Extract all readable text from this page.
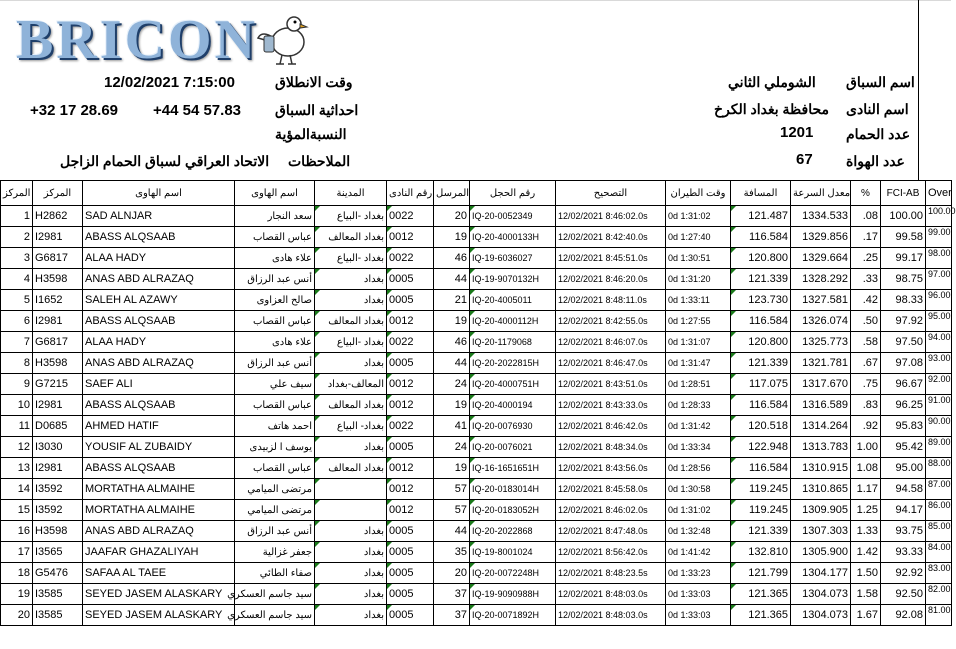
BRICON
وقت الانطلاق
12/02/2021 7:15:00
احداثية السباق
+44 54 57.83
+32 17 28.69
النسبةالمؤية
الملاحظات
الاتحاد العراقي لسباق الحمام الزاجل
اسم السباق
الشوملي الثاني
اسم النادى
محافظة بغداد الكرخ
عدد الحمام
1201
عدد الهواة
67
المركز	المركز	اسم الهاوى	اسم الهاوى	المدينة	رقم النادى	المرسل	رقم الحجل	التصحيح	وقت الطيران	المسافة	معدل السرعة	%	FCI-AB	Over
1	H2862	SAD ALNJAR	سعد النجار	بغداد -البياع	0022	20	IQ-20-0052349	12/02/2021 8:46:02.0s	0d 1:31:02	121.487	1334.533	.08	100.00	100.00
2	I2981	ABASS ALQSAAB	عباس القصاب	بغداد المعالف	0012	19	IQ-20-4000133H	12/02/2021 8:42:40.0s	0d 1:27:40	116.584	1329.856	.17	99.58	99.00
3	G6817	ALAA HADY	علاء هادى	بغداد -البياع	0022	46	IQ-19-6036027	12/02/2021 8:45:51.0s	0d 1:30:51	120.800	1329.664	.25	99.17	98.00
4	H3598	ANAS ABD ALRAZAQ	أنس عبد الرزاق	بغداد	0005	44	IQ-19-9070132H	12/02/2021 8:46:20.0s	0d 1:31:20	121.339	1328.292	.33	98.75	97.00
5	I1652	SALEH AL AZAWY	صالح العزاوى	بغداد	0005	21	IQ-20-4005011	12/02/2021 8:48:11.0s	0d 1:33:11	123.730	1327.581	.42	98.33	96.00
6	I2981	ABASS ALQSAAB	عباس القصاب	بغداد المعالف	0012	19	IQ-20-4000112H	12/02/2021 8:42:55.0s	0d 1:27:55	116.584	1326.074	.50	97.92	95.00
7	G6817	ALAA HADY	علاء هادى	بغداد -البياع	0022	46	IQ-20-1179068	12/02/2021 8:46:07.0s	0d 1:31:07	120.800	1325.773	.58	97.50	94.00
8	H3598	ANAS ABD ALRAZAQ	أنس عبد الرزاق	بغداد	0005	44	IQ-20-2022815H	12/02/2021 8:46:47.0s	0d 1:31:47	121.339	1321.781	.67	97.08	93.00
9	G7215	SAEF ALI	سيف علي	المعالف-بغداد	0012	24	IQ-20-4000751H	12/02/2021 8:43:51.0s	0d 1:28:51	117.075	1317.670	.75	96.67	92.00
10	I2981	ABASS ALQSAAB	عباس القصاب	بغداد المعالف	0012	19	IQ-20-4000194	12/02/2021 8:43:33.0s	0d 1:28:33	116.584	1316.589	.83	96.25	91.00
11	D0685	AHMED HATIF	احمد هاتف	بغداد- البياع	0022	41	IQ-20-0076930	12/02/2021 8:46:42.0s	0d 1:31:42	120.518	1314.264	.92	95.83	90.00
12	I3030	YOUSIF AL ZUBAIDY	يوسف ا لزبيدى	بغداد	0005	24	IQ-20-0076021	12/02/2021 8:48:34.0s	0d 1:33:34	122.948	1313.783	1.00	95.42	89.00
13	I2981	ABASS ALQSAAB	عباس القصاب	بغداد المعالف	0012	19	IQ-16-1651651H	12/02/2021 8:43:56.0s	0d 1:28:56	116.584	1310.915	1.08	95.00	88.00
14	I3592	MORTATHA ALMAIHE	مرتضى الميامي		0012	57	IQ-20-0183014H	12/02/2021 8:45:58.0s	0d 1:30:58	119.245	1310.865	1.17	94.58	87.00
15	I3592	MORTATHA ALMAIHE	مرتضى الميامي		0012	57	IQ-20-0183052H	12/02/2021 8:46:02.0s	0d 1:31:02	119.245	1309.905	1.25	94.17	86.00
16	H3598	ANAS ABD ALRAZAQ	أنس عبد الرزاق	بغداد	0005	44	IQ-20-2022868	12/02/2021 8:47:48.0s	0d 1:32:48	121.339	1307.303	1.33	93.75	85.00
17	I3565	JAAFAR GHAZALIYAH	جعفر غزالية	بغداد	0005	35	IQ-19-8001024	12/02/2021 8:56:42.0s	0d 1:41:42	132.810	1305.900	1.42	93.33	84.00
18	G5476	SAFAA AL TAEE	صفاء الطائي	بغداد	0005	20	IQ-20-0072248H	12/02/2021 8:48:23.5s	0d 1:33:23	121.799	1304.177	1.50	92.92	83.00
19	I3585	SEYED JASEM ALASKARY	سيد جاسم العسكري	بغداد	0005	37	IQ-19-9090988H	12/02/2021 8:48:03.0s	0d 1:33:03	121.365	1304.073	1.58	92.50	82.00
20	I3585	SEYED JASEM ALASKARY	سيد جاسم العسكري	بغداد	0005	37	IQ-20-0071892H	12/02/2021 8:48:03.0s	0d 1:33:03	121.365	1304.073	1.67	92.08	81.00
